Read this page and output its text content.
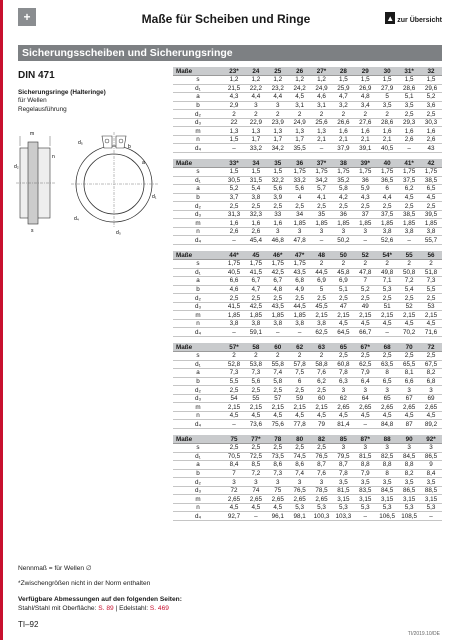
+	Maße für Scheiben und Ringe	▲ zur Übersicht
Sicherungsscheiben und Sicherungsringe
DIN 471
Sicherungsringe (Halteringe)
für Wellen
Regelausführung
m
s
d₂
n
d₅
b
a
d₁
d₃
d₄
Maße	23*	24	25	26	27*	28	29	30	31*	32
s	1,2	1,2	1,2	1,2	1,2	1,5	1,5	1,5	1,5	1,5
d₁	21,5	22,2	23,2	24,2	24,9	25,9	26,9	27,9	28,6	29,6
a	4,3	4,4	4,4	4,5	4,6	4,7	4,8	5	5,1	5,2
b	2,9	3	3	3,1	3,1	3,2	3,4	3,5	3,5	3,6
d₂	2	2	2	2	2	2	2	2	2,5	2,5
d₃	22	22,9	23,9	24,9	25,6	26,6	27,6	28,6	29,3	30,3
m	1,3	1,3	1,3	1,3	1,3	1,6	1,6	1,6	1,6	1,6
n	1,5	1,7	1,7	1,7	2,1	2,1	2,1	2,1	2,6	2,6
d₄	–	33,2	34,2	35,5	–	37,9	39,1	40,5	–	43
Maße	33*	34	35	36	37*	38	39*	40	41*	42
s	1,5	1,5	1,5	1,75	1,75	1,75	1,75	1,75	1,75	1,75
d₁	30,5	31,5	32,2	33,2	34,2	35,2	36	36,5	37,5	38,5
a	5,2	5,4	5,6	5,6	5,7	5,8	5,9	6	6,2	6,5
b	3,7	3,8	3,9	4	4,1	4,2	4,3	4,4	4,5	4,5
d₂	2,5	2,5	2,5	2,5	2,5	2,5	2,5	2,5	2,5	2,5
d₃	31,3	32,3	33	34	35	36	37	37,5	38,5	39,5
m	1,6	1,6	1,6	1,85	1,85	1,85	1,85	1,85	1,85	1,85
n	2,6	2,6	3	3	3	3	3	3,8	3,8	3,8
d₄	–	45,4	46,8	47,8	–	50,2	–	52,6	–	55,7
Maße	44*	45	46*	47*	48	50	52	54*	55	56
s	1,75	1,75	1,75	1,75	2	2	2	2	2	2
d₁	40,5	41,5	42,5	43,5	44,5	45,8	47,8	49,8	50,8	51,8
a	6,6	6,7	6,7	6,8	6,9	6,9	7	7,1	7,2	7,3
b	4,6	4,7	4,8	4,9	5	5,1	5,2	5,3	5,4	5,5
d₂	2,5	2,5	2,5	2,5	2,5	2,5	2,5	2,5	2,5	2,5
d₃	41,5	42,5	43,5	44,5	45,5	47	49	51	52	53
m	1,85	1,85	1,85	1,85	2,15	2,15	2,15	2,15	2,15	2,15
n	3,8	3,8	3,8	3,8	3,8	4,5	4,5	4,5	4,5	4,5
d₄	–	59,1	–	–	62,5	64,5	66,7	–	70,2	71,6
Maße	57*	58	60	62	63	65	67*	68	70	72
s	2	2	2	2	2	2,5	2,5	2,5	2,5	2,5
d₁	52,8	53,8	55,8	57,8	58,8	60,8	62,5	63,5	65,5	67,5
a	7,3	7,3	7,4	7,5	7,6	7,8	7,9	8	8,1	8,2
b	5,5	5,6	5,8	6	6,2	6,3	6,4	6,5	6,6	6,8
d₂	2,5	2,5	2,5	2,5	2,5	3	3	3	3	3
d₃	54	55	57	59	60	62	64	65	67	69
m	2,15	2,15	2,15	2,15	2,15	2,65	2,65	2,65	2,65	2,65
n	4,5	4,5	4,5	4,5	4,5	4,5	4,5	4,5	4,5	4,5
d₄	–	73,6	75,6	77,8	79	81,4	–	84,8	87	89,2
Maße	75	77*	78	80	82	85	87*	88	90	92*
s	2,5	2,5	2,5	2,5	2,5	3	3	3	3	3
d₁	70,5	72,5	73,5	74,5	76,5	79,5	81,5	82,5	84,5	86,5
a	8,4	8,5	8,6	8,6	8,7	8,7	8,8	8,8	8,8	9
b	7	7,2	7,3	7,4	7,6	7,8	7,9	8	8,2	8,4
d₂	3	3	3	3	3	3,5	3,5	3,5	3,5	3,5
d₃	72	74	75	76,5	78,5	81,5	83,5	84,5	86,5	88,5
m	2,65	2,65	2,65	2,65	2,65	3,15	3,15	3,15	3,15	3,15
n	4,5	4,5	4,5	5,3	5,3	5,3	5,3	5,3	5,3	5,3
d₄	92,7	–	96,1	98,1	100,3	103,3	–	106,5	108,5	–
Nennmaß = für Wellen ∅
*Zwischengrößen nicht in der Norm enthalten
Verfügbare Abmessungen auf den folgenden Seiten:
Stahl/Stahl mit Oberfläche: S. 89 | Edelstahl: S. 469
TI–92
TI/2019.10/DE
